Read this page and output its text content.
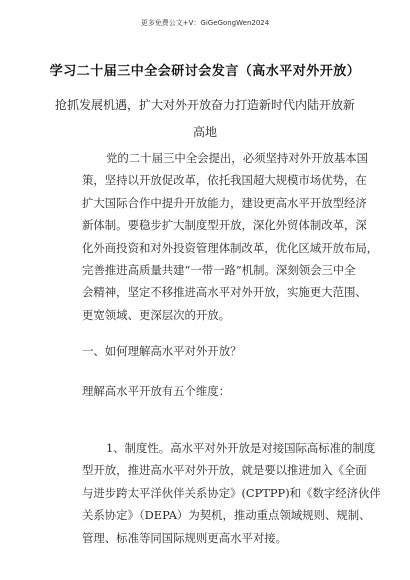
更多免费公文+V：GiGeGongWen2024
学习二十届三中全会研讨会发言（高水平对外开放）
抢抓发展机遇，扩大对外开放奋力打造新时代内陆开放新
高地
党的二十届三中全会提出，必须坚持对外开放基本国
策，坚持以开放促改革，依托我国超大规模市场优势，在
扩大国际合作中提升开放能力，建设更高水平开放型经济
新体制。要稳步扩大制度型开放，深化外贸体制改革，深
化外商投资和对外投资管理体制改革，优化区域开放布局，
完善推进高质量共建“一带一路”机制。深刻领会三中全
会精神，坚定不移推进高水平对外开放，实施更大范围、
更宽领域、更深层次的开放。
一、如何理解高水平对外开放？
理解高水平开放有五个维度：
1、制度性。高水平对外开放是对接国际高标准的制度
型开放，推进高水平对外开放，就是要以推进加入《全面
与进步跨太平洋伙伴关系协定》(CPTPP)和《数字经济伙伴
关系协定》（DEPA）为契机，推动重点领域规则、规制、
管理、标准等同国际规则更高水平对接。
